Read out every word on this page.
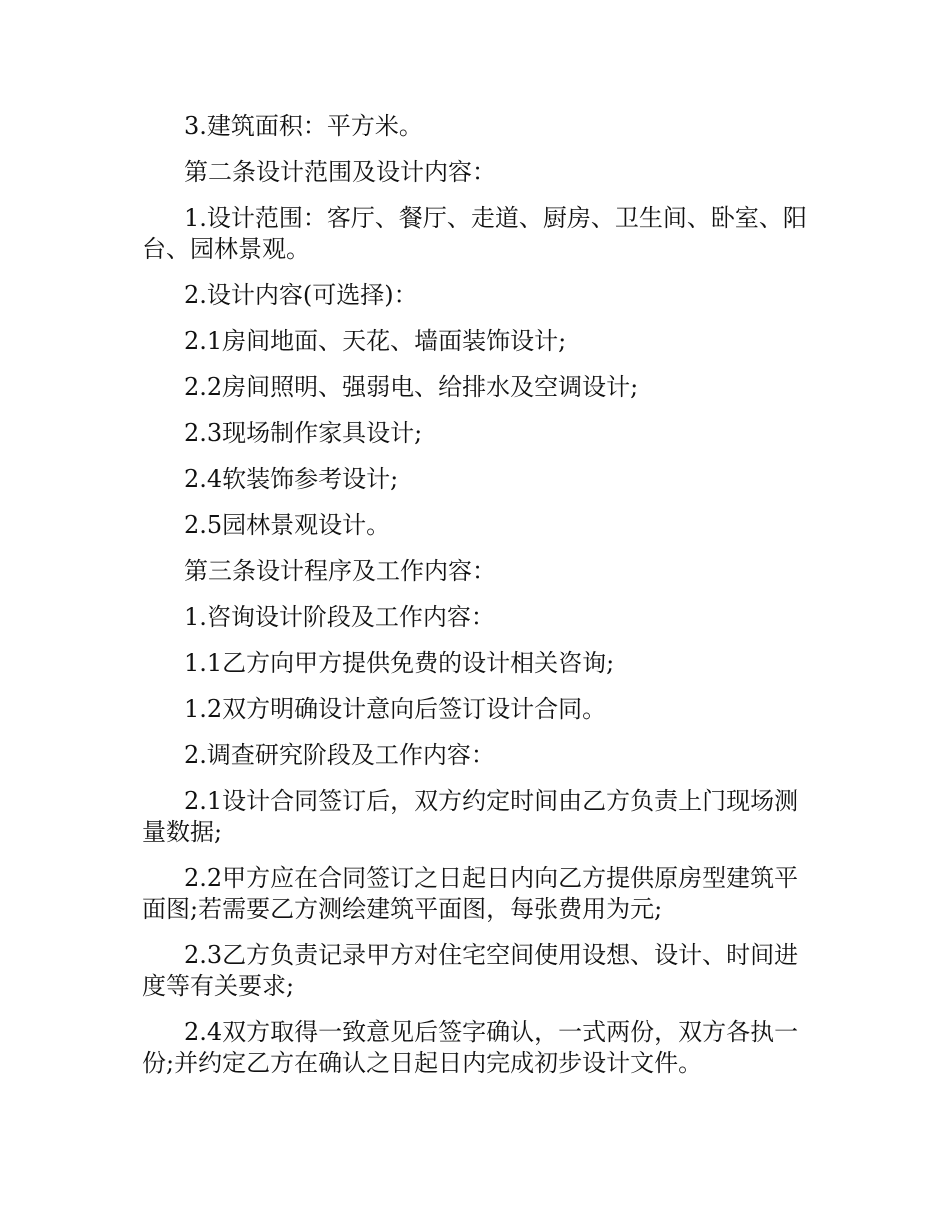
3.建筑面积：平方米。

第二条设计范围及设计内容：

1.设计范围：客厅、餐厅、走道、厨房、卫生间、卧室、阳台、园林景观。

2.设计内容(可选择)：

2.1房间地面、天花、墙面装饰设计;

2.2房间照明、强弱电、给排水及空调设计;

2.3现场制作家具设计;

2.4软装饰参考设计;

2.5园林景观设计。

第三条设计程序及工作内容：

1.咨询设计阶段及工作内容：

1.1乙方向甲方提供免费的设计相关咨询;

1.2双方明确设计意向后签订设计合同。

2.调查研究阶段及工作内容：

2.1设计合同签订后，双方约定时间由乙方负责上门现场测量数据;

2.2甲方应在合同签订之日起日内向乙方提供原房型建筑平面图;若需要乙方测绘建筑平面图，每张费用为元;

2.3乙方负责记录甲方对住宅空间使用设想、设计、时间进度等有关要求;

2.4双方取得一致意见后签字确认，一式两份，双方各执一份;并约定乙方在确认之日起日内完成初步设计文件。
